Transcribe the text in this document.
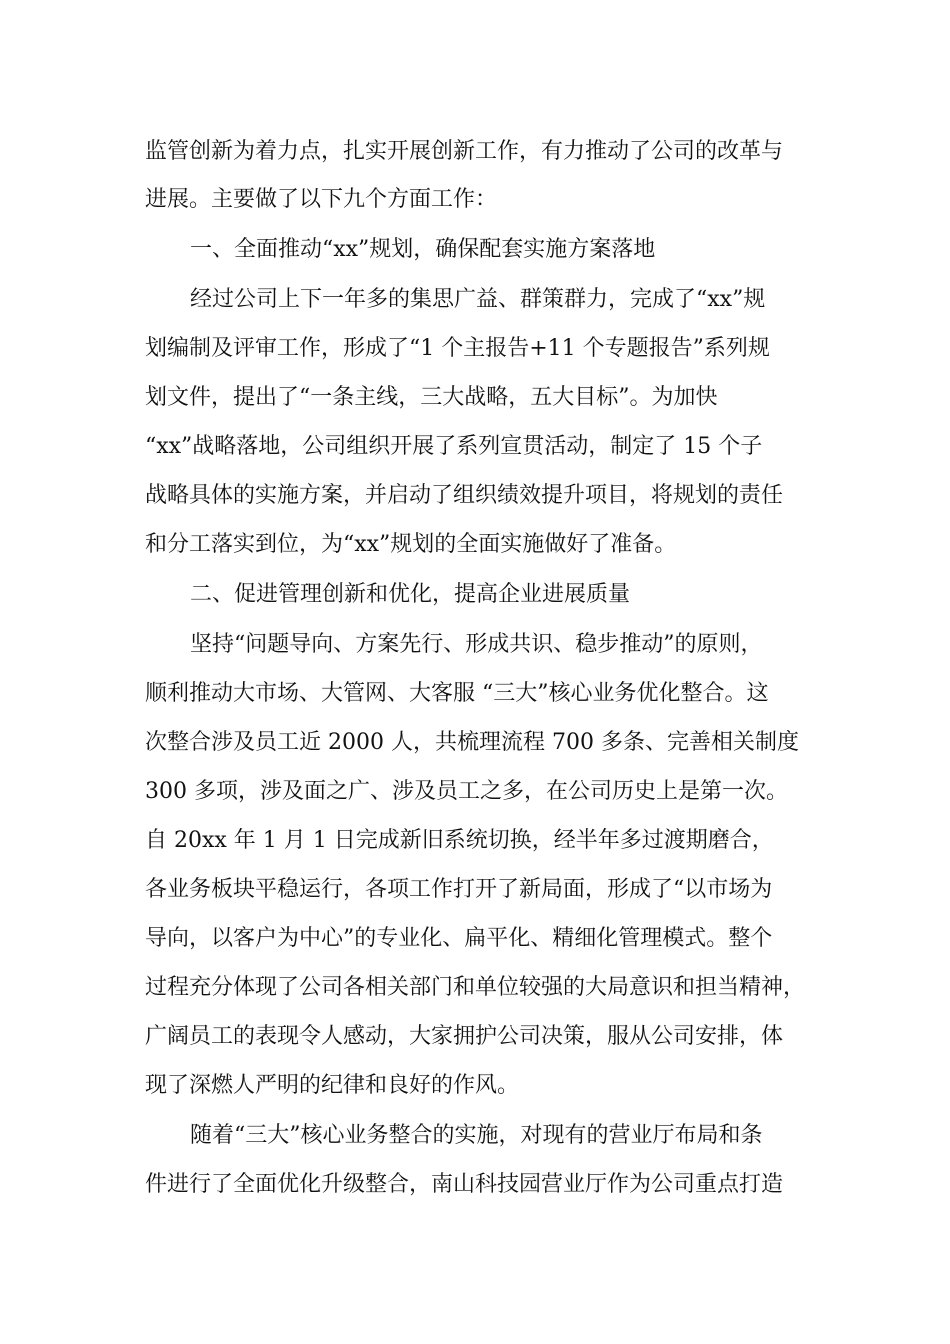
监管创新为着力点，扎实开展创新工作，有力推动了公司的改革与
进展。主要做了以下九个方面工作：
一、全面推动“xx”规划，确保配套实施方案落地
经过公司上下一年多的集思广益、群策群力，完成了“xx”规
划编制及评审工作，形成了“1 个主报告+11 个专题报告”系列规
划文件，提出了“一条主线，三大战略，五大目标”。为加快
“xx”战略落地，公司组织开展了系列宣贯活动，制定了 15 个子
战略具体的实施方案，并启动了组织绩效提升项目，将规划的责任
和分工落实到位，为“xx”规划的全面实施做好了准备。
二、促进管理创新和优化，提高企业进展质量
坚持“问题导向、方案先行、形成共识、稳步推动”的原则，
顺利推动大市场、大管网、大客服 “三大”核心业务优化整合。这
次整合涉及员工近 2000 人，共梳理流程 700 多条、完善相关制度
300 多项，涉及面之广、涉及员工之多，在公司历史上是第一次。
自 20xx 年 1 月 1 日完成新旧系统切换，经半年多过渡期磨合，
各业务板块平稳运行，各项工作打开了新局面，形成了“以市场为
导向，以客户为中心”的专业化、扁平化、精细化管理模式。整个
过程充分体现了公司各相关部门和单位较强的大局意识和担当精神，
广阔员工的表现令人感动，大家拥护公司决策，服从公司安排，体
现了深燃人严明的纪律和良好的作风。
随着“三大”核心业务整合的实施，对现有的营业厅布局和条
件进行了全面优化升级整合，南山科技园营业厅作为公司重点打造
